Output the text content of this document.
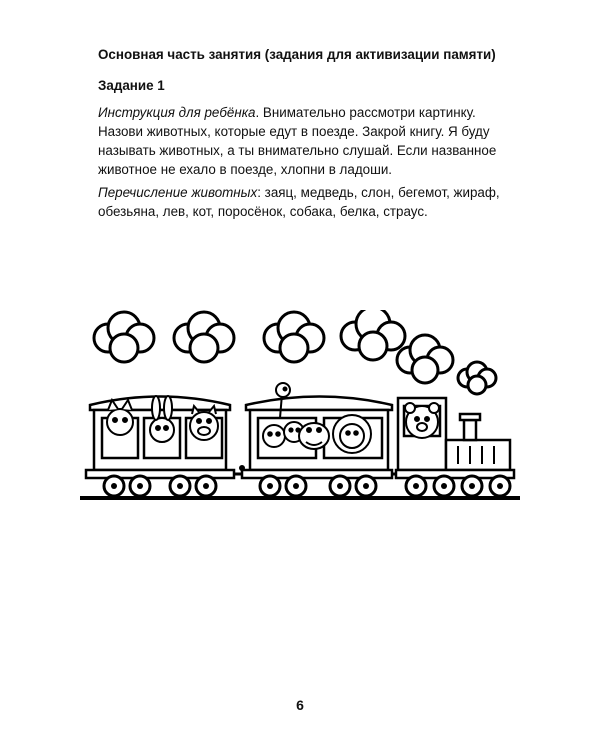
Основная часть занятия (задания для активизации памяти)

Задание 1

Инструкция для ребёнка. Внимательно рассмотри картинку. Назови животных, которые едут в поезде. Закрой книгу. Я буду называть животных, а ты внимательно слушай. Если названное животное не ехало в поезде, хлопни в ладоши.

Перечисление животных: заяц, медведь, слон, бегемот, жираф, обезьяна, лев, кот, поросёнок, собака, белка, страус.

6
